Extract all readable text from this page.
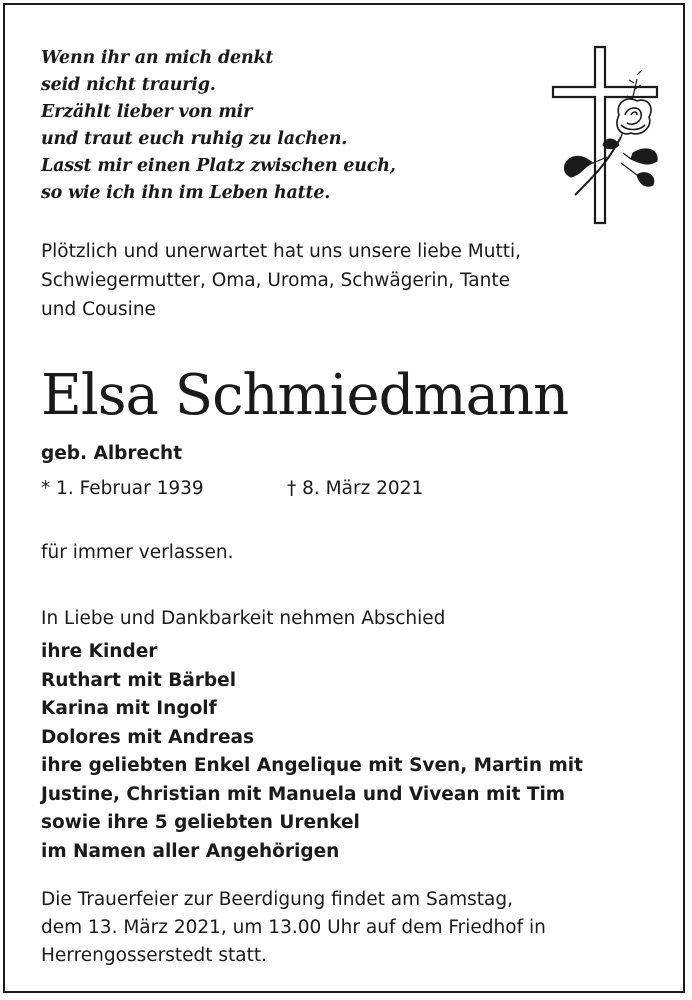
Wenn ihr an mich denkt
seid nicht traurig.
Erzählt lieber von mir
und traut euch ruhig zu lachen.
Lasst mir einen Platz zwischen euch,
so wie ich ihn im Leben hatte.
Plötzlich und unerwartet hat uns unsere liebe Mutti,
Schwiegermutter, Oma, Uroma, Schwägerin, Tante
und Cousine
Elsa Schmiedmann
geb. Albrecht
* 1. Februar 1939	† 8. März 2021
für immer verlassen.
In Liebe und Dankbarkeit nehmen Abschied
ihre Kinder
Ruthart mit Bärbel
Karina mit Ingolf
Dolores mit Andreas
ihre geliebten Enkel Angelique mit Sven, Martin mit
Justine, Christian mit Manuela und Vivean mit Tim
sowie ihre 5 geliebten Urenkel
im Namen aller Angehörigen
Die Trauerfeier zur Beerdigung findet am Samstag,
dem 13. März 2021, um 13.00 Uhr auf dem Friedhof in
Herrengosserstedt statt.
